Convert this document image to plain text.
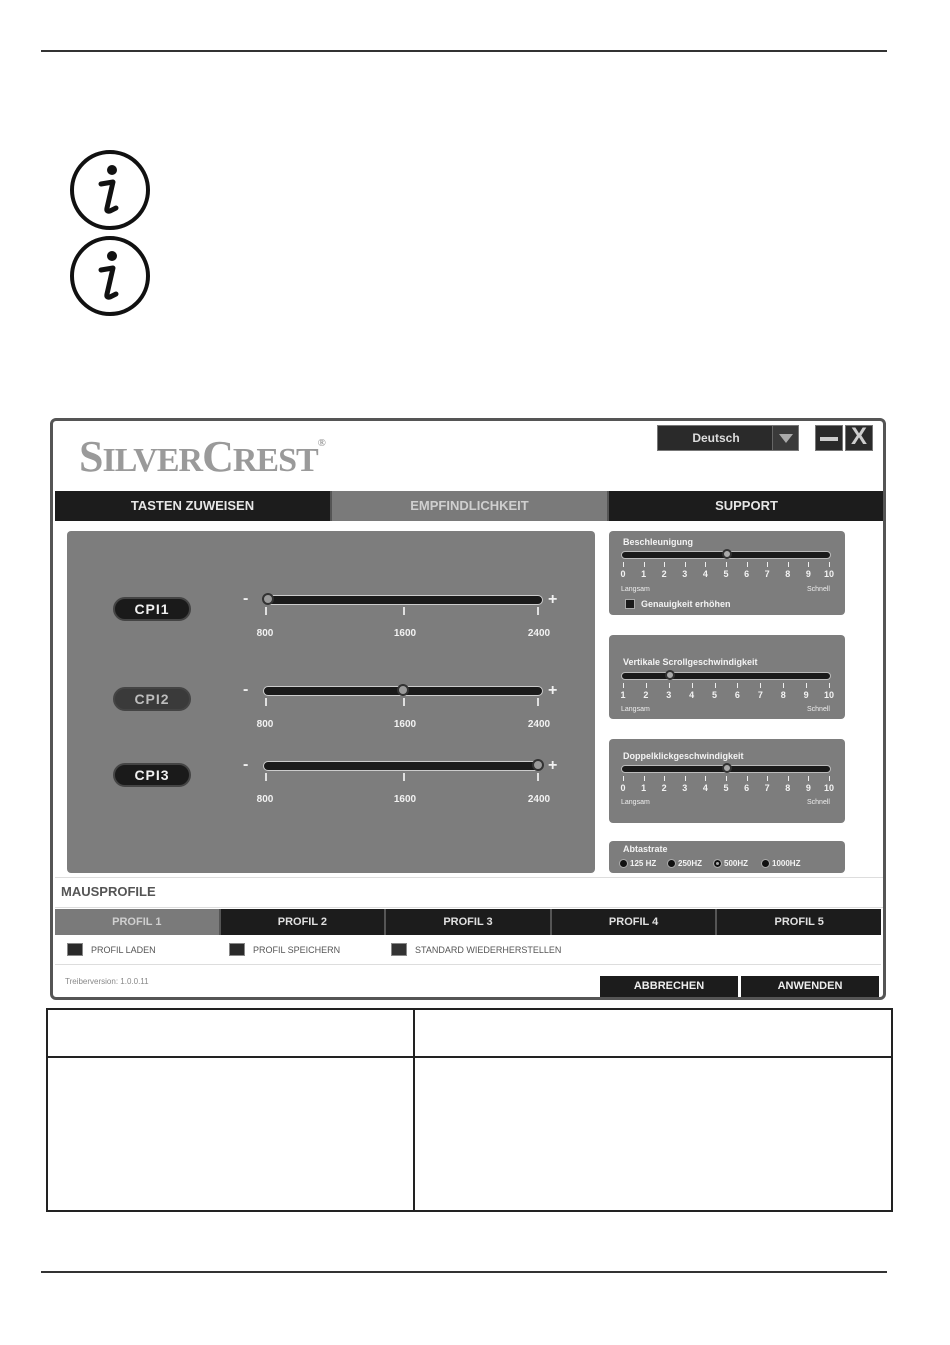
SILVERCREST®	Deutsch	X
TASTEN ZUWEISEN	EMPFINDLICHKEIT	SUPPORT
CPI1
-	+
800	1600	2400
CPI2
-	+
800	1600	2400
CPI3
-	+
800	1600	2400
Beschleunigung
Langsam	Schnell
Genauigkeit erhöhen
0	1	2	3	4	5	6	7	8	9	10
Vertikale Scrollgeschwindigkeit
Langsam	Schnell
1	2	3	4	5	6	7	8	9	10
Doppelklickgeschwindigkeit
Langsam	Schnell
0	1	2	3	4	5	6	7	8	9	10
Abtastrate
125 HZ	250HZ	500HZ	1000HZ
MAUSPROFILE
PROFIL 1	PROFIL 2	PROFIL 3	PROFIL 4	PROFIL 5
PROFIL LADEN	PROFIL SPEICHERN	STANDARD WIEDERHERSTELLEN
Treiberversion: 1.0.0.11	ABBRECHEN	ANWENDEN
